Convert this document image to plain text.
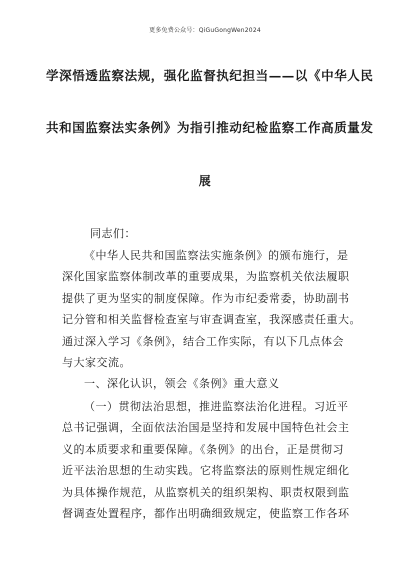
更多免费公众号：QiGuGongWen2024
学深悟透监察法规，强化监督执纪担当——以《中华人民
共和国监察法实条例》为指引推动纪检监察工作高质量发
展
同志们：
《中华人民共和国监察法实施条例》的颁布施行，是
深化国家监察体制改革的重要成果，为监察机关依法履职
提供了更为坚实的制度保障。作为市纪委常委，协助副书
记分管和相关监督检查室与审查调查室，我深感责任重大。
通过深入学习《条例》，结合工作实际，有以下几点体会
与大家交流。
一、深化认识，领会《条例》重大意义
（一）贯彻法治思想，推进监察法治化进程。习近平
总书记强调，全面依法治国是坚持和发展中国特色社会主
义的本质要求和重要保障。《条例》的出台，正是贯彻习
近平法治思想的生动实践。它将监察法的原则性规定细化
为具体操作规范，从监察机关的组织架构、职责权限到监
督调查处置程序，都作出明确细致规定，使监察工作各环
